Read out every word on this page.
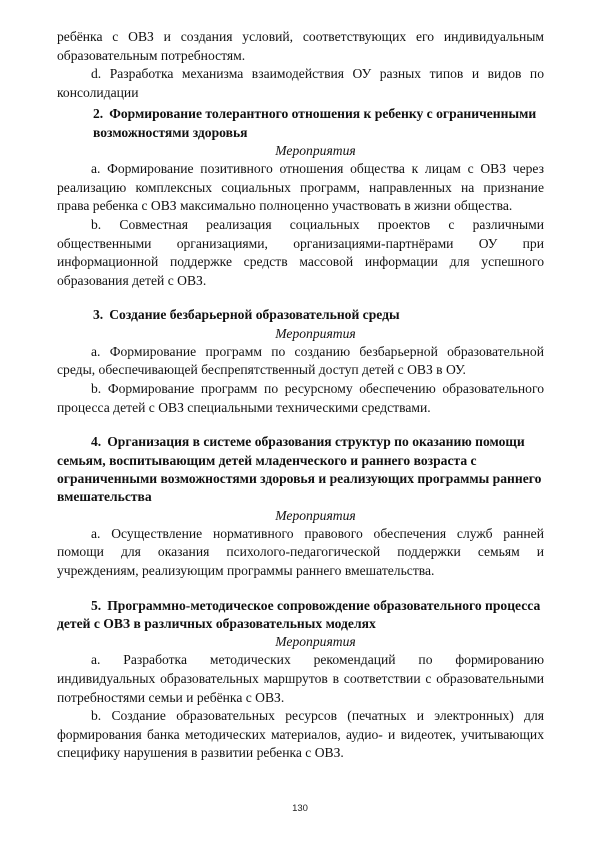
ребёнка с ОВЗ и создания условий, соответствующих его индивидуальным образовательным потребностям.

d. Разработка механизма взаимодействия ОУ разных типов и видов по консолидации

2. Формирование толерантного отношения к ребенку с ограниченными возможностями здоровья

Мероприятия

a. Формирование позитивного отношения общества к лицам с ОВЗ через реализацию комплексных социальных программ, направленных на признание права ребенка с ОВЗ максимально полноценно участвовать в жизни общества.

b. Совместная реализация социальных проектов с различными общественными организациями, организациями-партнёрами ОУ при информационной поддержке средств массовой информации для успешного образования детей с ОВЗ.

3. Создание безбарьерной образовательной среды

Мероприятия

a. Формирование программ по созданию безбарьерной образовательной среды, обеспечивающей беспрепятственный доступ детей с ОВЗ в ОУ.

b. Формирование программ по ресурсному обеспечению образовательного процесса детей с ОВЗ специальными техническими средствами.

4. Организация в системе образования структур по оказанию помощи семьям, воспитывающим детей младенческого и раннего возраста с ограниченными возможностями здоровья и реализующих программы раннего вмешательства

Мероприятия

a. Осуществление нормативного правового обеспечения служб ранней помощи для оказания психолого-педагогической поддержки семьям и учреждениям, реализующим программы раннего вмешательства.

5. Программно-методическое сопровождение образовательного процесса детей с ОВЗ в различных образовательных моделях

Мероприятия

a. Разработка методических рекомендаций по формированию индивидуальных образовательных маршрутов в соответствии с образовательными потребностями семьи и ребёнка с ОВЗ.

b. Создание образовательных ресурсов (печатных и электронных) для формирования банка методических материалов, аудио- и видеотек, учитывающих специфику нарушения в развитии ребенка с ОВЗ.

130
